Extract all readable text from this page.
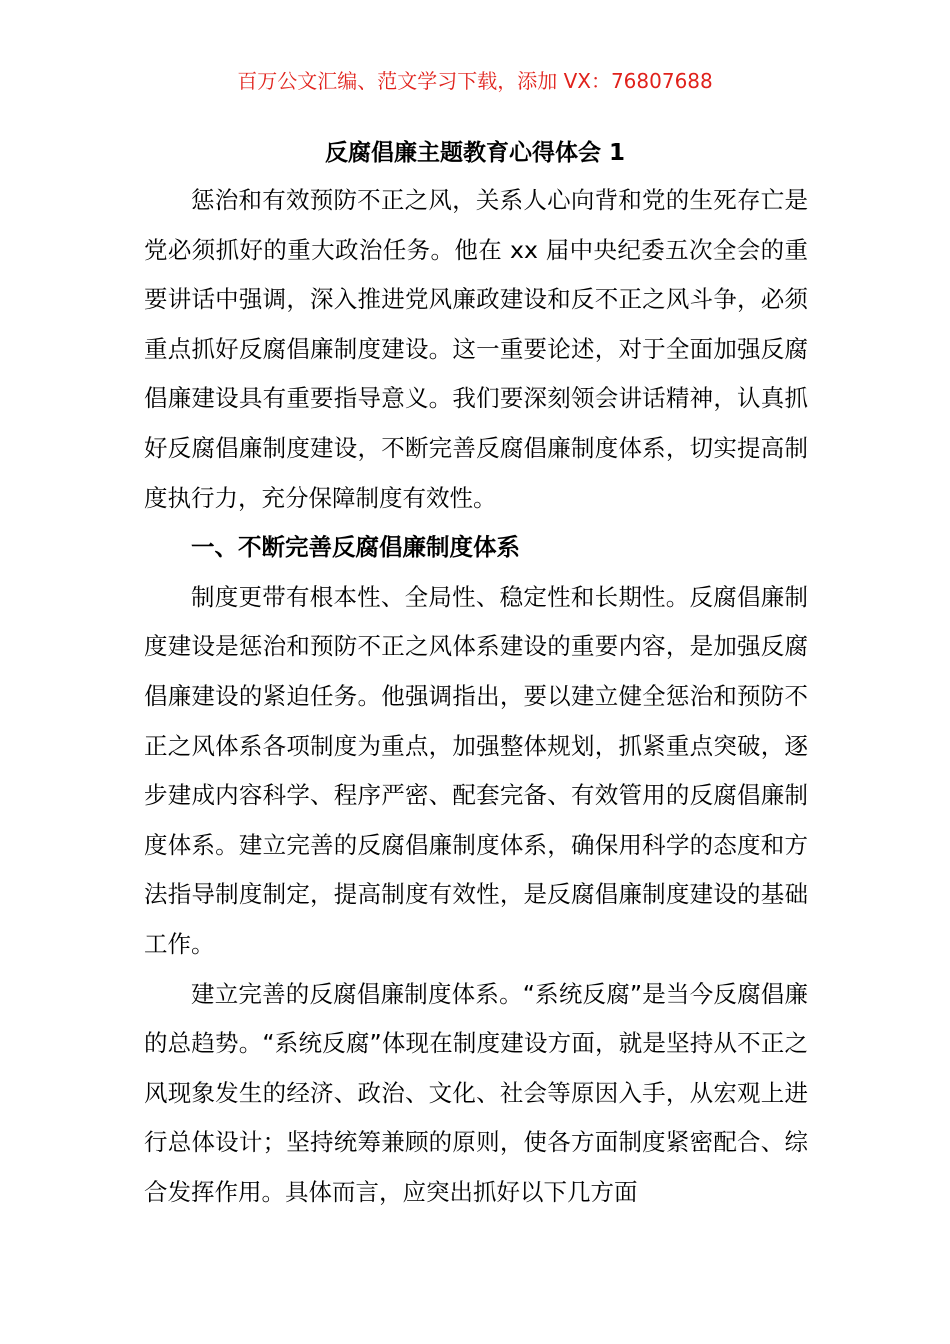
百万公文汇编、范文学习下载，添加 VX：76807688
反腐倡廉主题教育心得体会 1

惩治和有效预防不正之风，关系人心向背和党的生死存亡是党必须抓好的重大政治任务。他在 xx 届中央纪委五次全会的重要讲话中强调，深入推进党风廉政建设和反不正之风斗争，必须重点抓好反腐倡廉制度建设。这一重要论述，对于全面加强反腐倡廉建设具有重要指导意义。我们要深刻领会讲话精神，认真抓好反腐倡廉制度建设，不断完善反腐倡廉制度体系，切实提高制度执行力，充分保障制度有效性。

一、不断完善反腐倡廉制度体系

制度更带有根本性、全局性、稳定性和长期性。反腐倡廉制度建设是惩治和预防不正之风体系建设的重要内容，是加强反腐倡廉建设的紧迫任务。他强调指出，要以建立健全惩治和预防不正之风体系各项制度为重点，加强整体规划，抓紧重点突破，逐步建成内容科学、程序严密、配套完备、有效管用的反腐倡廉制度体系。建立完善的反腐倡廉制度体系，确保用科学的态度和方法指导制度制定，提高制度有效性，是反腐倡廉制度建设的基础工作。

建立完善的反腐倡廉制度体系。“系统反腐”是当今反腐倡廉的总趋势。“系统反腐”体现在制度建设方面，就是坚持从不正之风现象发生的经济、政治、文化、社会等原因入手，从宏观上进行总体设计；坚持统筹兼顾的原则，使各方面制度紧密配合、综合发挥作用。具体而言，应突出抓好以下几方面
